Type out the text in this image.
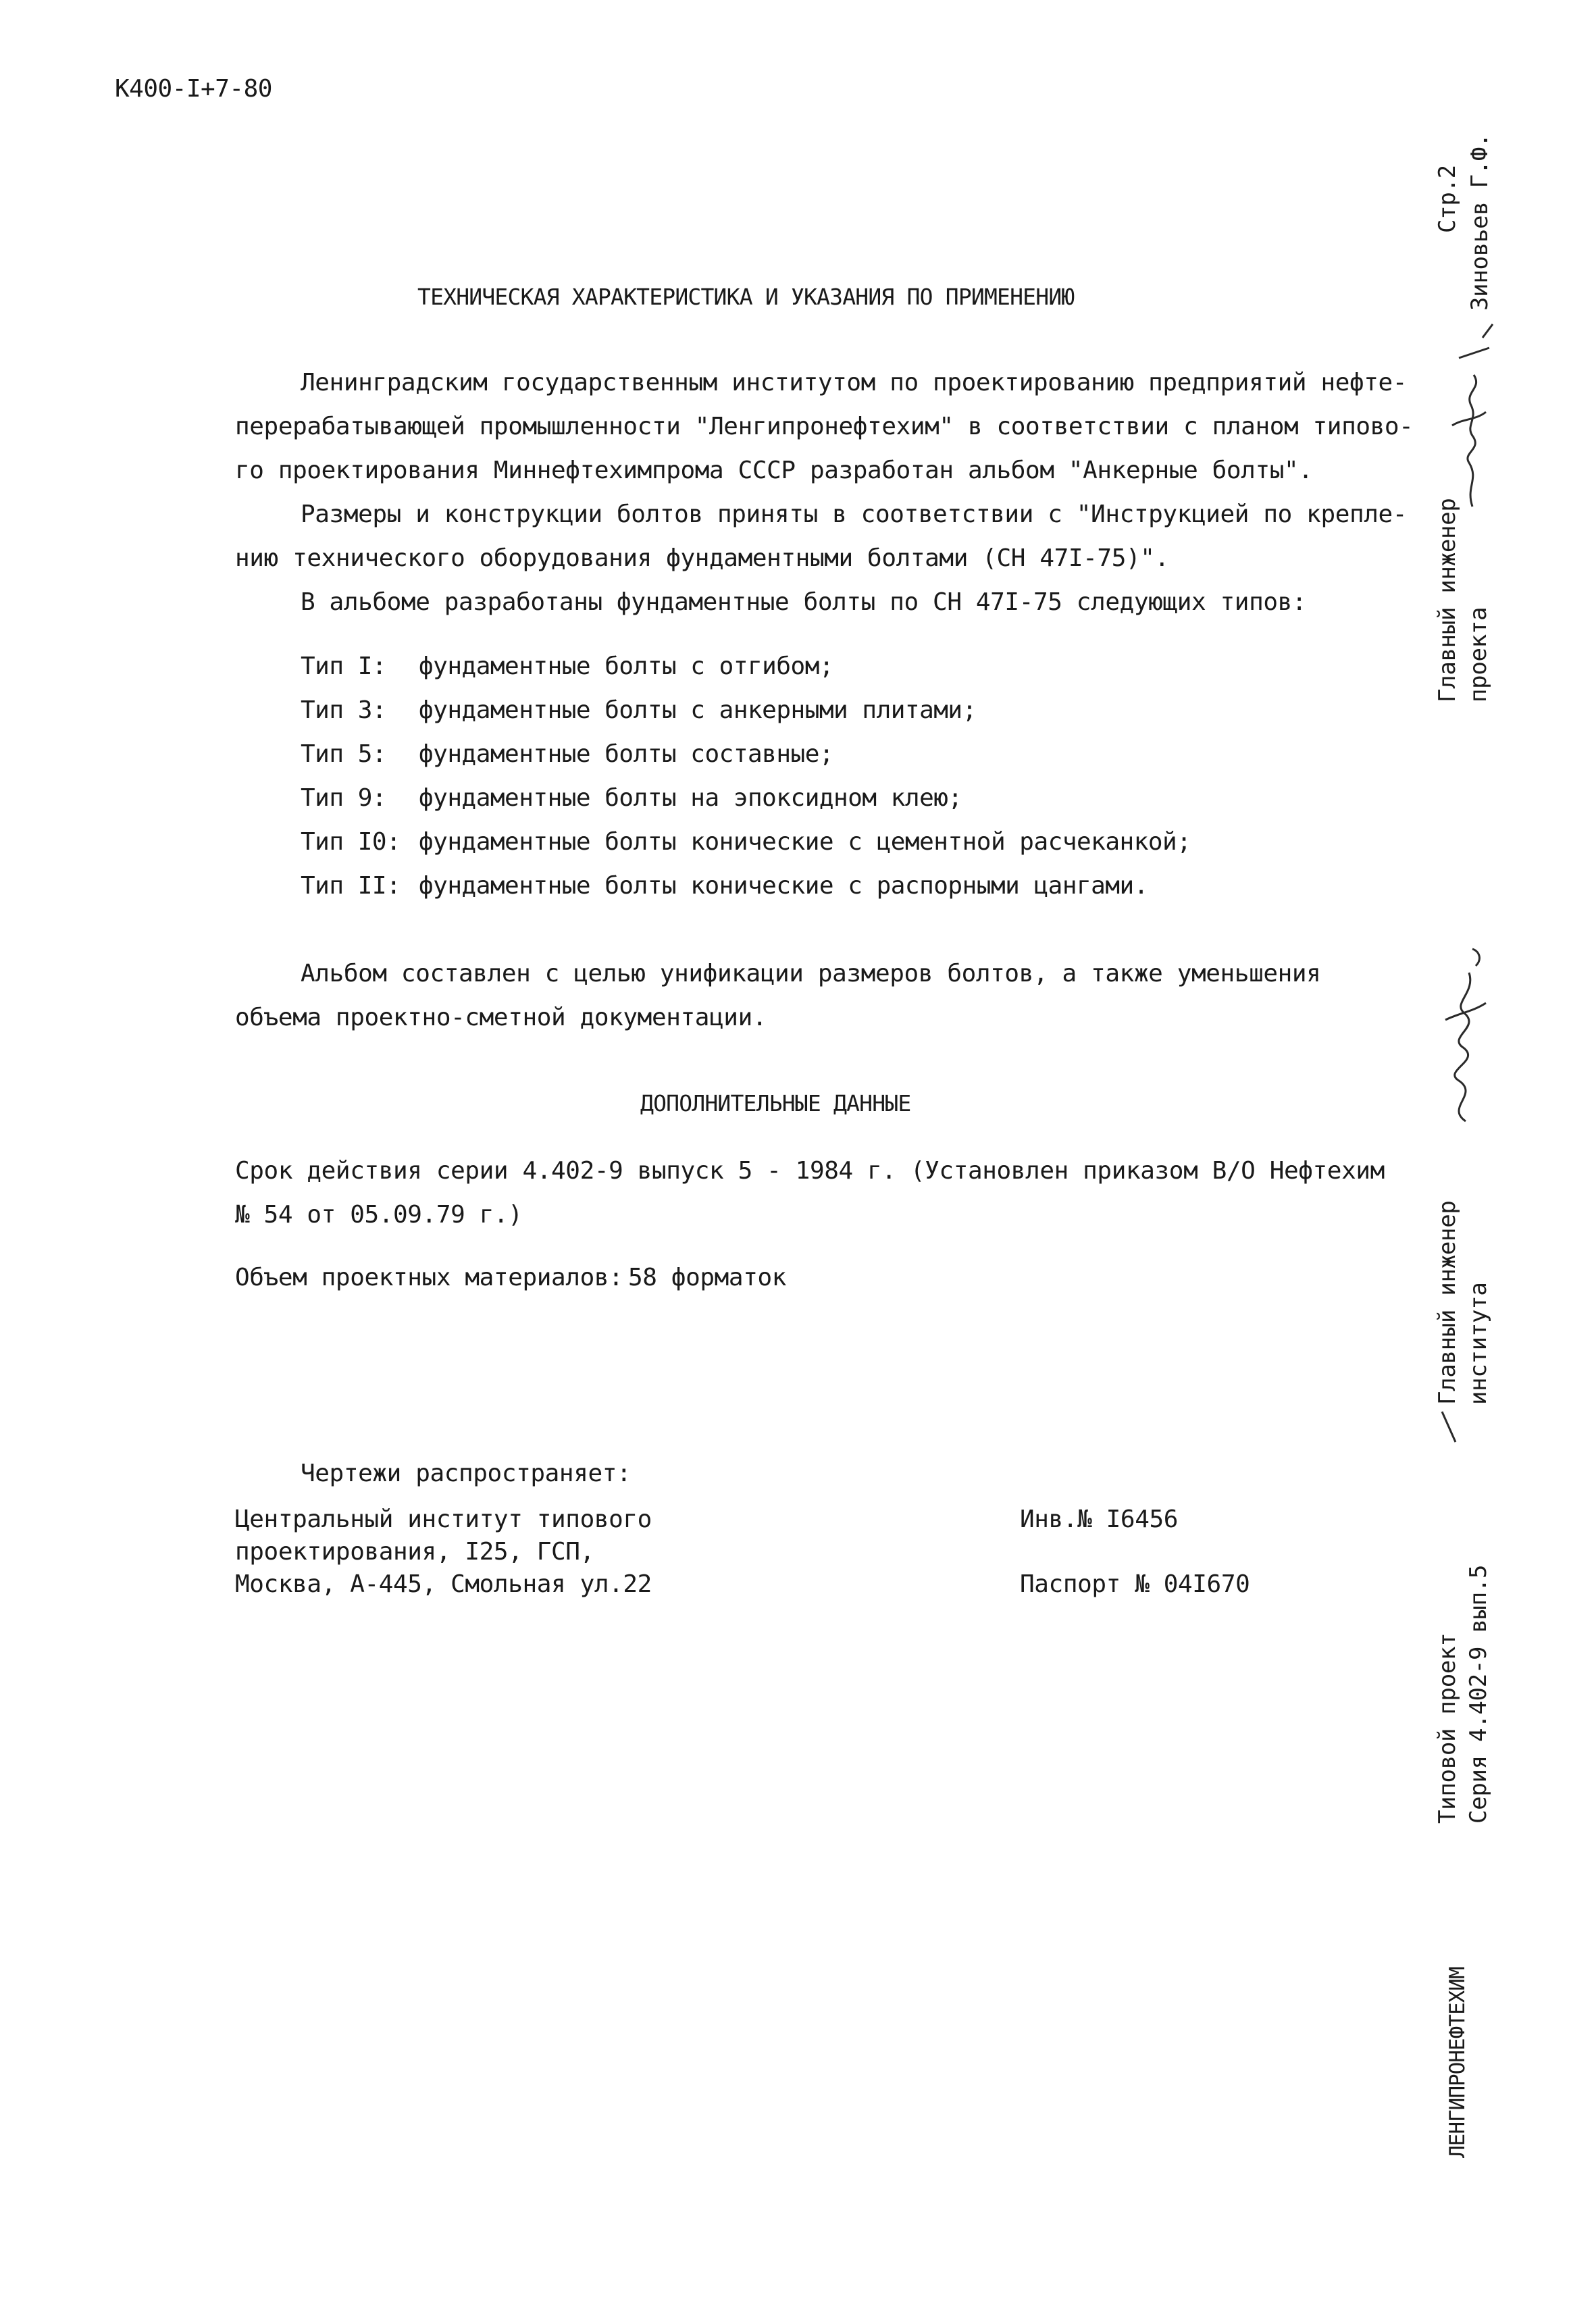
К400-I+7-80
ТЕХНИЧЕСКАЯ ХАРАКТЕРИСТИКА И УКАЗАНИЯ ПО ПРИМЕНЕНИЮ
Ленинградским государственным институтом по проектированию предприятий нефте-
перерабатывающей промышленности "Ленгипронефтехим" в соответствии с планом типово-
го проектирования Миннефтехимпрома СССР разработан альбом "Анкерные болты".
Размеры и конструкции болтов приняты в соответствии с "Инструкцией по крепле-
нию технического оборудования фундаментными болтами (СН 47I-75)".
В альбоме разработаны фундаментные болты по СН 47I-75 следующих типов:
Тип I: фундаментные болты с отгибом;
Тип 3: фундаментные болты с анкерными плитами;
Тип 5: фундаментные болты составные;
Тип 9: фундаментные болты на эпоксидном клею;
Тип I0: фундаментные болты конические с цементной расчеканкой;
Тип II: фундаментные болты конические с распорными цангами.
Альбом составлен с целью унификации размеров болтов, а также уменьшения
объема проектно-сметной документации.
ДОПОЛНИТЕЛЬНЫЕ ДАННЫЕ
Срок действия серии 4.402-9 выпуск 5 - 1984 г. (Установлен приказом В/О Нефтехим
№ 54 от 05.09.79 г.)
Объем проектных материалов: 58 форматок
Чертежи распространяет:
Центральный институт типового
проектирования, I25, ГСП,
Москва, А-445, Смольная ул.22
Инв.№ I6456
Паспорт № 04I670
Стр.2 Зиновьев Г.Ф.
Главный инженер проекта
Главный инженер института
Типовой проект Серия 4.402-9 вып.5
ЛЕНГИПРОНЕФТЕХИМ
